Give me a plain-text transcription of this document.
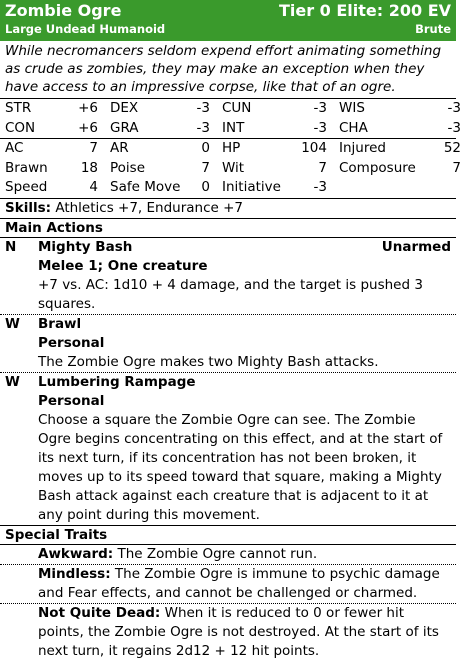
Zombie Ogre	Tier 0 Elite: 200 EV
Large Undead Humanoid	Brute
While necromancers seldom expend effort animating something as crude as zombies, they may make an exception when they have access to an impressive corpse, like that of an ogre.
STR	+6 DEX	-3 CUN	-3 WIS	-3
CON	+6 GRA	-3 INT	-3 CHA	-3
AC	7 AR	0 HP	104 Injured	52
Brawn 18 Poise	7 Wit	7 Composure	7
Speed	4 Safe Move 0 Initiative -3
Skills: Athletics +7, Endurance +7
Main Actions
N Mighty Bash	Unarmed
Melee 1; One creature
+7 vs. AC: 1d10 + 4 damage, and the target is pushed 3 squares.
W Brawl
Personal
The Zombie Ogre makes two Mighty Bash attacks.
W Lumbering Rampage
Personal
Choose a square the Zombie Ogre can see. The Zombie Ogre begins concentrating on this effect, and at the start of its next turn, if its concentration has not been broken, it moves up to its speed toward that square, making a Mighty Bash attack against each creature that is adjacent to it at any point during this movement.
Special Traits
Awkward: The Zombie Ogre cannot run.
Mindless: The Zombie Ogre is immune to psychic damage and Fear effects, and cannot be challenged or charmed.
Not Quite Dead: When it is reduced to 0 or fewer hit points, the Zombie Ogre is not destroyed. At the start of its next turn, it regains 2d12 + 12 hit points.
